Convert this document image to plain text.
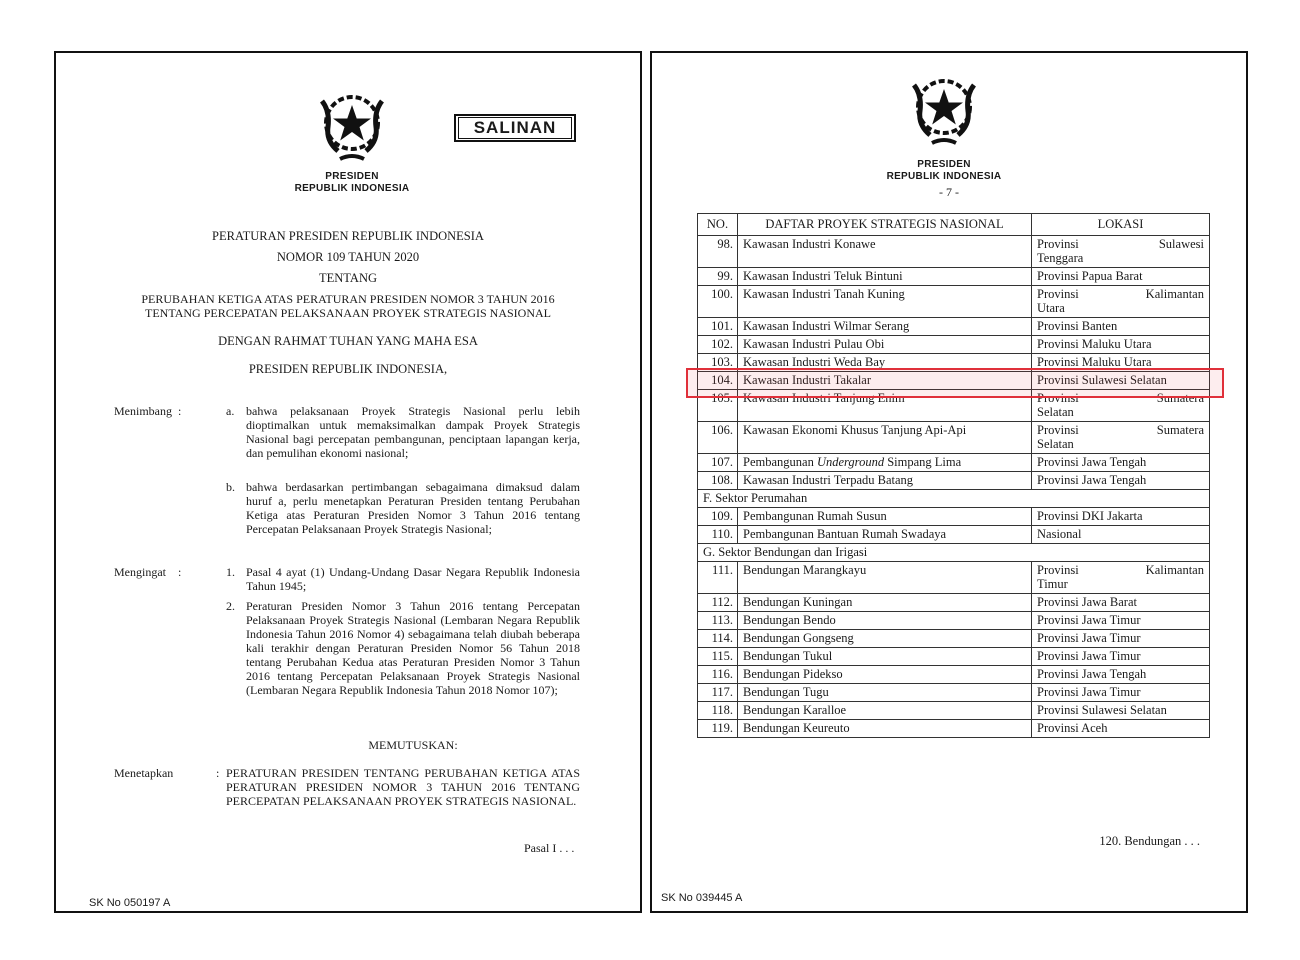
PRESIDEN
REPUBLIK INDONESIA
SALINAN
PERATURAN PRESIDEN REPUBLIK INDONESIA
NOMOR 109 TAHUN 2020
TENTANG
PERUBAHAN KETIGA ATAS PERATURAN PRESIDEN NOMOR 3 TAHUN 2016
TENTANG PERCEPATAN PELAKSANAAN PROYEK STRATEGIS NASIONAL
DENGAN RAHMAT TUHAN YANG MAHA ESA
PRESIDEN REPUBLIK INDONESIA,
Menimbang :	a. bahwa pelaksanaan Proyek Strategis Nasional perlu lebih dioptimalkan untuk memaksimalkan dampak Proyek Strategis Nasional bagi percepatan pembangunan, penciptaan lapangan kerja, dan pemulihan ekonomi nasional;
b. bahwa berdasarkan pertimbangan sebagaimana dimaksud dalam huruf a, perlu menetapkan Peraturan Presiden tentang Perubahan Ketiga atas Peraturan Presiden Nomor 3 Tahun 2016 tentang Percepatan Pelaksanaan Proyek Strategis Nasional;
Mengingat :	1. Pasal 4 ayat (1) Undang-Undang Dasar Negara Republik Indonesia Tahun 1945;
2. Peraturan Presiden Nomor 3 Tahun 2016 tentang Percepatan Pelaksanaan Proyek Strategis Nasional (Lembaran Negara Republik Indonesia Tahun 2016 Nomor 4) sebagaimana telah diubah beberapa kali terakhir dengan Peraturan Presiden Nomor 56 Tahun 2018 tentang Perubahan Kedua atas Peraturan Presiden Nomor 3 Tahun 2016 tentang Percepatan Pelaksanaan Proyek Strategis Nasional (Lembaran Negara Republik Indonesia Tahun 2018 Nomor 107);
MEMUTUSKAN:
Menetapkan	: PERATURAN PRESIDEN TENTANG PERUBAHAN KETIGA ATAS PERATURAN PRESIDEN NOMOR 3 TAHUN 2016 TENTANG PERCEPATAN PELAKSANAAN PROYEK STRATEGIS NASIONAL.
Pasal I . . .
SK No 050197 A
PRESIDEN
REPUBLIK INDONESIA
- 7 -
NO.	DAFTAR PROYEK STRATEGIS NASIONAL	LOKASI
98.	Kawasan Industri Konawe	Provinsi Sulawesi
Tenggara

99.	Kawasan Industri Teluk Bintuni	Provinsi Papua Barat
100.	Kawasan Industri Tanah Kuning	Provinsi Kalimantan
Utara

101.	Kawasan Industri Wilmar Serang	Provinsi Banten
102.	Kawasan Industri Pulau Obi	Provinsi Maluku Utara
103.	Kawasan Industri Weda Bay	Provinsi Maluku Utara
104.	Kawasan Industri Takalar	Provinsi Sulawesi Selatan
105.	Kawasan Industri Tanjung Enim	Provinsi Sumatera
Selatan

106.	Kawasan Ekonomi Khusus Tanjung Api-Api	Provinsi Sumatera
Selatan

107.	Pembangunan Underground Simpang Lima	Provinsi Jawa Tengah
108.	Kawasan Industri Terpadu Batang	Provinsi Jawa Tengah
F. Sektor Perumahan		
109.	Pembangunan Rumah Susun	Provinsi DKI Jakarta
110.	Pembangunan Bantuan Rumah Swadaya	Nasional
G. Sektor Bendungan dan Irigasi		
111.	Bendungan Marangkayu	Provinsi Kalimantan
Timur

112.	Bendungan Kuningan	Provinsi Jawa Barat
113.	Bendungan Bendo	Provinsi Jawa Timur
114.	Bendungan Gongseng	Provinsi Jawa Timur
115.	Bendungan Tukul	Provinsi Jawa Timur
116.	Bendungan Pidekso	Provinsi Jawa Tengah
117.	Bendungan Tugu	Provinsi Jawa Timur
118.	Bendungan Karalloe	Provinsi Sulawesi Selatan
119.	Bendungan Keureuto	Provinsi Aceh
120. Bendungan . . .
SK No 039445 A
